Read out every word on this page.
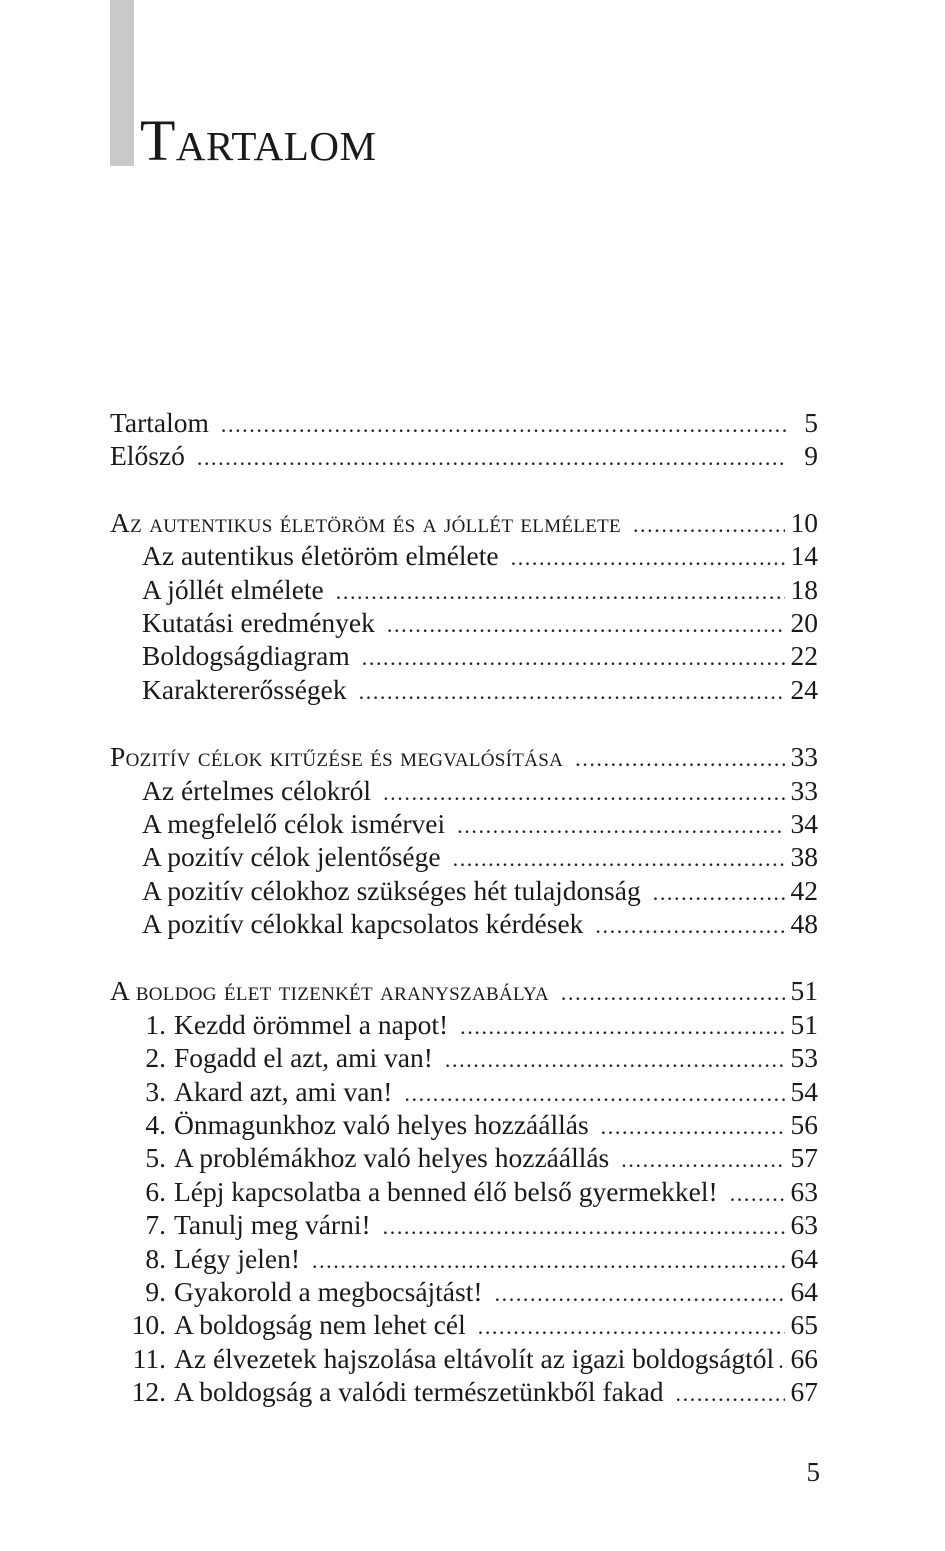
Tartalom
Tartalom .....	5
Előszó .....	9
Az autentikus életöröm és a jóllét elmélete .....	10
Az autentikus életöröm elmélete .....	14
A jóllét elmélete .....	18
Kutatási eredmények .....	20
Boldogságdiagram .....	22
Karaktererősségek .....	24
Pozitív célok kitűzése és megvalósítása .....	33
Az értelmes célokról .....	33
A megfelelő célok ismérvei .....	34
A pozitív célok jelentősége .....	38
A pozitív célokhoz szükséges hét tulajdonság .....	42
A pozitív célokkal kapcsolatos kérdések .....	48
A boldog élet tizenkét aranyszabálya .....	51
1. Kezdd örömmel a napot! .....	51
2. Fogadd el azt, ami van! .....	53
3. Akard azt, ami van! .....	54
4. Önmagunkhoz való helyes hozzáállás .....	56
5. A problémákhoz való helyes hozzáállás .....	57
6. Lépj kapcsolatba a benned élő belső gyermekkel! .....	63
7. Tanulj meg várni! .....	63
8. Légy jelen! .....	64
9. Gyakorold a megbocsájtást! .....	64
10. A boldogság nem lehet cél .....	65
11. Az élvezetek hajszolása eltávolít az igazi boldogságtól ..... 66
12. A boldogság a valódi természetünkből fakad .....	67
5
